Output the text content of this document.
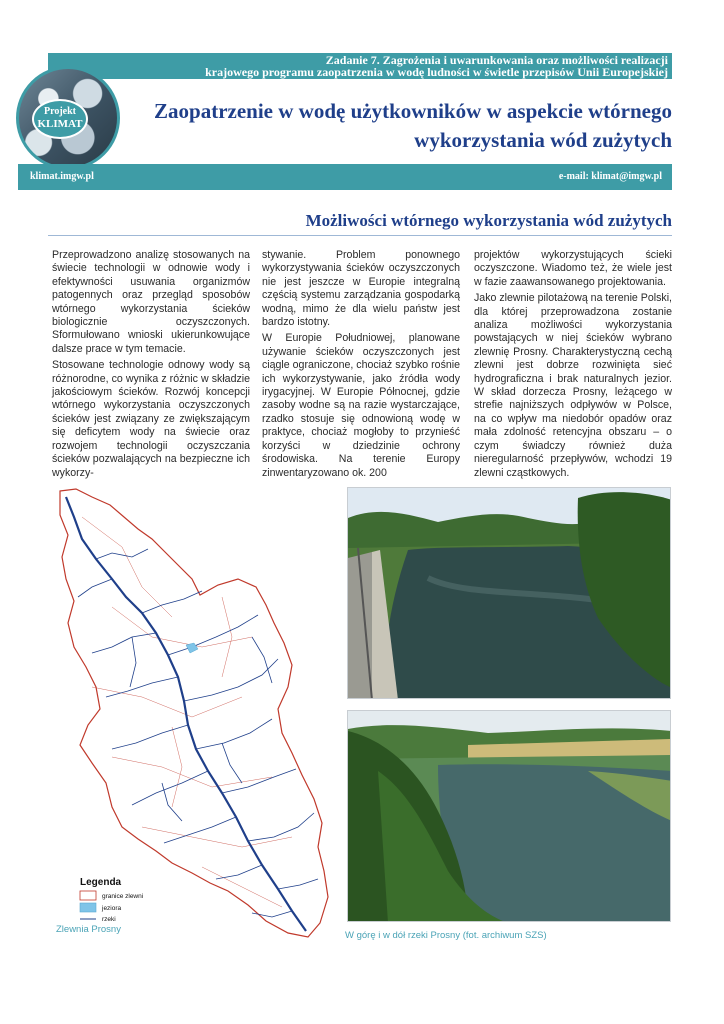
Zadanie 7. Zagrożenia i uwarunkowania oraz możliwości realizacji
krajowego programu zaopatrzenia w wodę ludności w świetle przepisów Unii Europejskiej
Projekt
KLIMAT
Zaopatrzenie w wodę użytkowników w aspekcie wtórnego
wykorzystania wód zużytych
klimat.imgw.pl	e-mail: klimat@imgw.pl
Możliwości wtórnego wykorzystania wód zużytych

Przeprowadzono analizę stosowanych na świecie technologii w odnowie wody i efektywności usuwania organizmów patogennych oraz przegląd sposobów wtórnego wykorzystania ścieków biologicznie oczyszczonych. Sformułowano wnioski ukierunkowujące dalsze prace w tym temacie.

Stosowane technologie odnowy wody są różnorodne, co wynika z różnic w składzie jakościowym ścieków. Rozwój koncepcji wtórnego wykorzystania oczyszczonych ścieków jest związany ze zwiększającym się deficytem wody na świecie oraz rozwojem technologii oczyszczania ścieków pozwalających na bezpieczne ich wykorzy-

stywanie. Problem ponownego wykorzystywania ścieków oczyszczonych nie jest jeszcze w Europie integralną częścią systemu zarządzania gospodarką wodną, mimo że dla wielu państw jest bardzo istotny.

W Europie Południowej, planowane używanie ścieków oczyszczonych jest ciągle ograniczone, chociaż szybko rośnie ich wykorzystywanie, jako źródła wody irygacyjnej. W Europie Północnej, gdzie zasoby wodne są na razie wystarczające, rzadko stosuje się odnowioną wodę w praktyce, chociaż mogłoby to przynieść korzyści w dziedzinie ochrony środowiska. Na terenie Europy zinwentaryzowano ok. 200

projektów wykorzystujących ścieki oczyszczone. Wiadomo też, że wiele jest w fazie zaawansowanego projektowania.

Jako zlewnie pilotażową na terenie Polski, dla której przeprowadzona zostanie analiza możliwości wykorzystania powstających w niej ścieków wybrano zlewnię Prosny. Charakterystyczną cechą zlewni jest dobrze rozwinięta sieć hydrograficzna i brak naturalnych jezior. W skład dorzecza Prosny, leżącego w strefie najniższych odpływów w Polsce, na co wpływ ma niedobór opadów oraz mała zdolność retencyjna obszaru – o czym świadczy również duża nieregularność przepływów, wchodzi 19 zlewni cząstkowych.

Legenda
granice zlewni
jeziora
rzeki
Zlewnia Prosny
W górę i w dół rzeki Prosny (fot. archiwum SZS)
